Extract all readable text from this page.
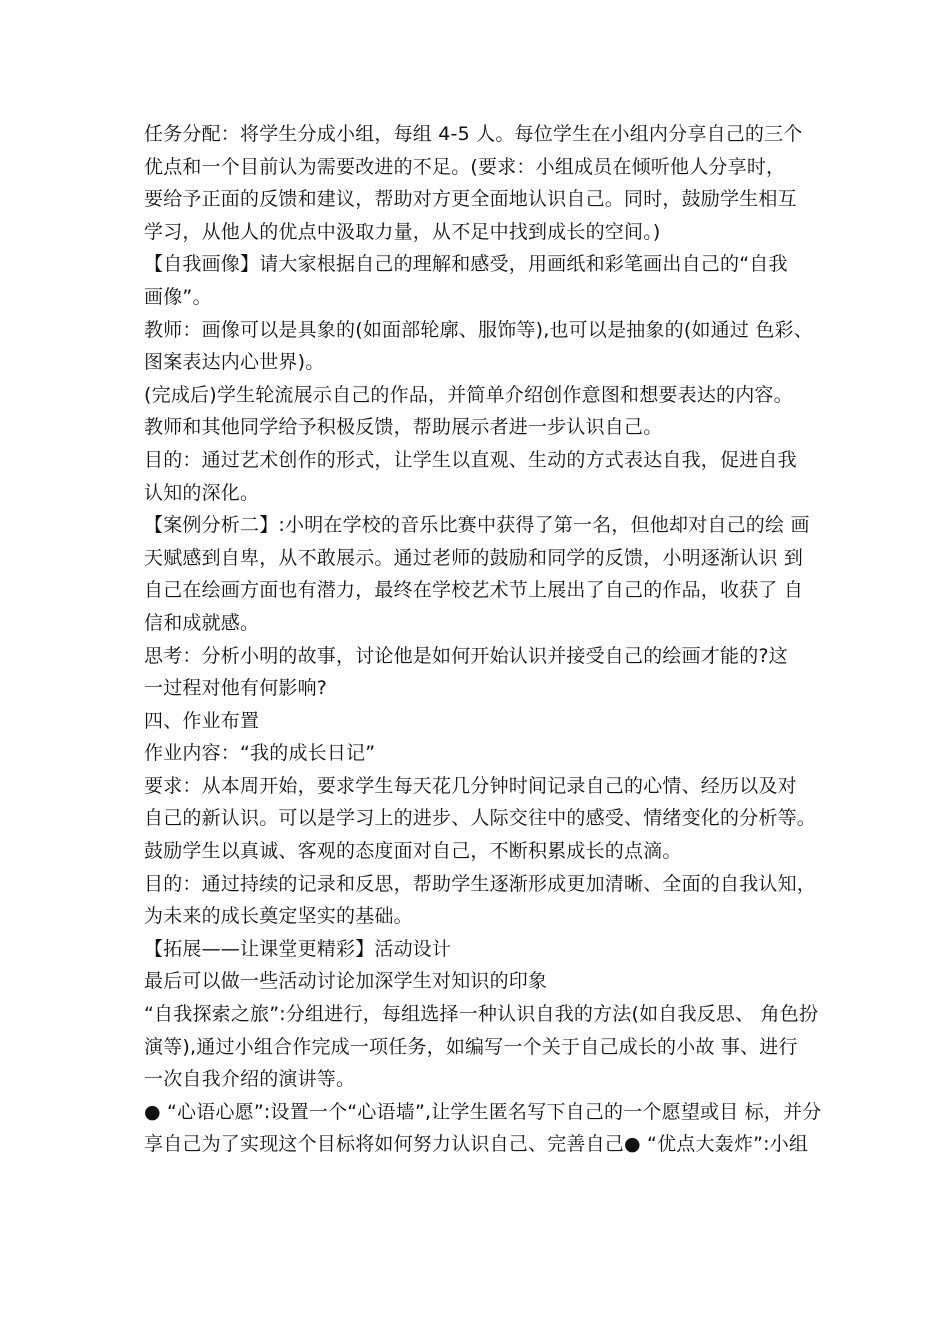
任务分配：将学生分成小组，每组 4-5 人。每位学生在小组内分享自己的三个
优点和一个目前认为需要改进的不足。(要求：小组成员在倾听他人分享时，
要给予正面的反馈和建议，帮助对方更全面地认识自己。同时，鼓励学生相互
学习，从他人的优点中汲取力量，从不足中找到成长的空间。)
【自我画像】请大家根据自己的理解和感受，用画纸和彩笔画出自己的“自我
画像”。
教师：画像可以是具象的(如面部轮廓、服饰等),也可以是抽象的(如通过 色彩、
图案表达内心世界)。
(完成后)学生轮流展示自己的作品，并简单介绍创作意图和想要表达的内容。
教师和其他同学给予积极反馈，帮助展示者进一步认识自己。
目的：通过艺术创作的形式，让学生以直观、生动的方式表达自我，促进自我
认知的深化。
【案例分析二】:小明在学校的音乐比赛中获得了第一名，但他却对自己的绘 画
天赋感到自卑，从不敢展示。通过老师的鼓励和同学的反馈，小明逐渐认识 到
自己在绘画方面也有潜力，最终在学校艺术节上展出了自己的作品，收获了 自
信和成就感。
思考：分析小明的故事，讨论他是如何开始认识并接受自己的绘画才能的?这
一过程对他有何影响?
四、作业布置
作业内容：“我的成长日记”
要求：从本周开始，要求学生每天花几分钟时间记录自己的心情、经历以及对
自己的新认识。可以是学习上的进步、人际交往中的感受、情绪变化的分析等。
鼓励学生以真诚、客观的态度面对自己，不断积累成长的点滴。
目的：通过持续的记录和反思，帮助学生逐渐形成更加清晰、全面的自我认知，
为未来的成长奠定坚实的基础。
【拓展——让课堂更精彩】活动设计
最后可以做一些活动讨论加深学生对知识的印象
“自我探索之旅”:分组进行，每组选择一种认识自我的方法(如自我反思、 角色扮
演等),通过小组合作完成一项任务，如编写一个关于自己成长的小故 事、进行
一次自我介绍的演讲等。
● “心语心愿”:设置一个“心语墙”,让学生匿名写下自己的一个愿望或目 标，并分
享自己为了实现这个目标将如何努力认识自己、完善自己● “优点大轰炸”:小组
